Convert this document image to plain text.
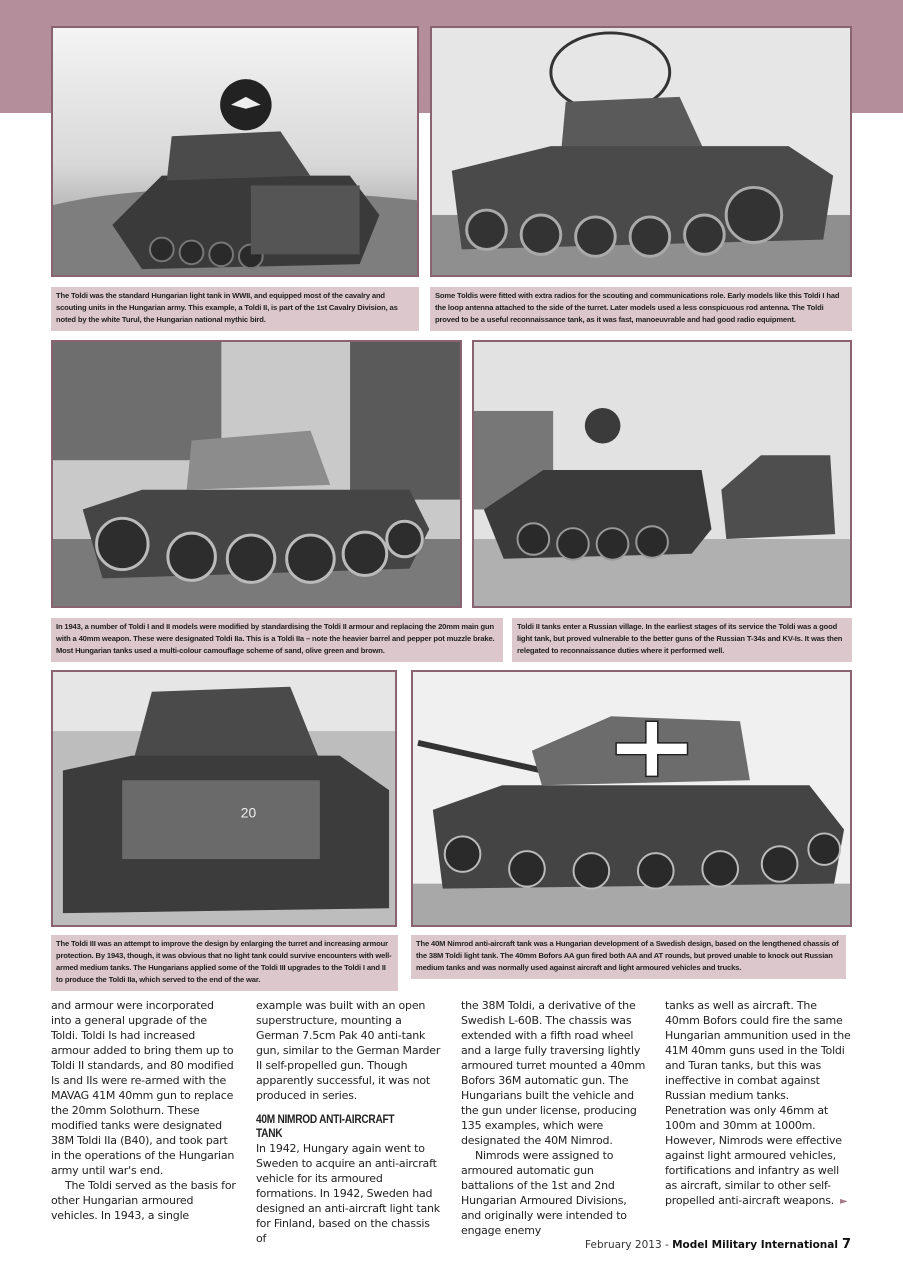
The Toldi was the standard Hungarian light tank in WWII, and equipped most of the cavalry and scouting units in the Hungarian army. This example, a Toldi II, is part of the 1st Cavalry Division, as noted by the white Turul, the Hungarian national mythic bird.
Some Toldis were fitted with extra radios for the scouting and communications role. Early models like this Toldi I had the loop antenna attached to the side of the turret. Later models used a less conspicuous rod antenna. The Toldi proved to be a useful reconnaissance tank, as it was fast, manoeuvrable and had good radio equipment.
In 1943, a number of Toldi I and II models were modified by standardising the Toldi II armour and replacing the 20mm main gun with a 40mm weapon. These were designated Toldi IIa. This is a Toldi IIa – note the heavier barrel and pepper pot muzzle brake. Most Hungarian tanks used a multi-colour camouflage scheme of sand, olive green and brown.
Toldi II tanks enter a Russian village. In the earliest stages of its service the Toldi was a good light tank, but proved vulnerable to the better guns of the Russian T-34s and KV-Is. It was then relegated to reconnaissance duties where it performed well.
20
The Toldi III was an attempt to improve the design by enlarging the turret and increasing armour protection. By 1943, though, it was obvious that no light tank could survive encounters with well-armed medium tanks. The Hungarians applied some of the Toldi III upgrades to the Toldi I and II to produce the Toldi IIa, which served to the end of the war.
The 40M Nimrod anti-aircraft tank was a Hungarian development of a Swedish design, based on the lengthened chassis of the 38M Toldi light tank. The 40mm Bofors AA gun fired both AA and AT rounds, but proved unable to knock out Russian medium tanks and was normally used against aircraft and light armoured vehicles and trucks.

and armour were incorporated into a general upgrade of the Toldi. Toldi Is had increased armour added to bring them up to Toldi II standards, and 80 modified Is and IIs were re-armed with the MAVAG 41M 40mm gun to replace the 20mm Solothurn. These modified tanks were designated 38M Toldi IIa (B40), and took part in the operations of the Hungarian army until war's end.

The Toldi served as the basis for other Hungarian armoured vehicles. In 1943, a single

example was built with an open superstructure, mounting a German 7.5cm Pak 40 anti-tank gun, similar to the German Marder II self-propelled gun. Though apparently successful, it was not produced in series.

40M NIMROD ANTI-AIRCRAFT TANK

In 1942, Hungary again went to Sweden to acquire an anti-aircraft vehicle for its armoured formations. In 1942, Sweden had designed an anti-aircraft light tank for Finland, based on the chassis of

the 38M Toldi, a derivative of the Swedish L-60B. The chassis was extended with a fifth road wheel and a large fully traversing lightly armoured turret mounted a 40mm Bofors 36M automatic gun. The Hungarians built the vehicle and the gun under license, producing 135 examples, which were designated the 40M Nimrod.

Nimrods were assigned to armoured automatic gun battalions of the 1st and 2nd Hungarian Armoured Divisions, and originally were intended to engage enemy

tanks as well as aircraft. The 40mm Bofors could fire the same Hungarian ammunition used in the 41M 40mm guns used in the Toldi and Turan tanks, but this was ineffective in combat against Russian medium tanks. Penetration was only 46mm at 100m and 30mm at 1000m. However, Nimrods were effective against light armoured vehicles, fortifications and infantry as well as aircraft, similar to other self-propelled anti-aircraft weapons. ►

February 2013 - Model Military International 7
